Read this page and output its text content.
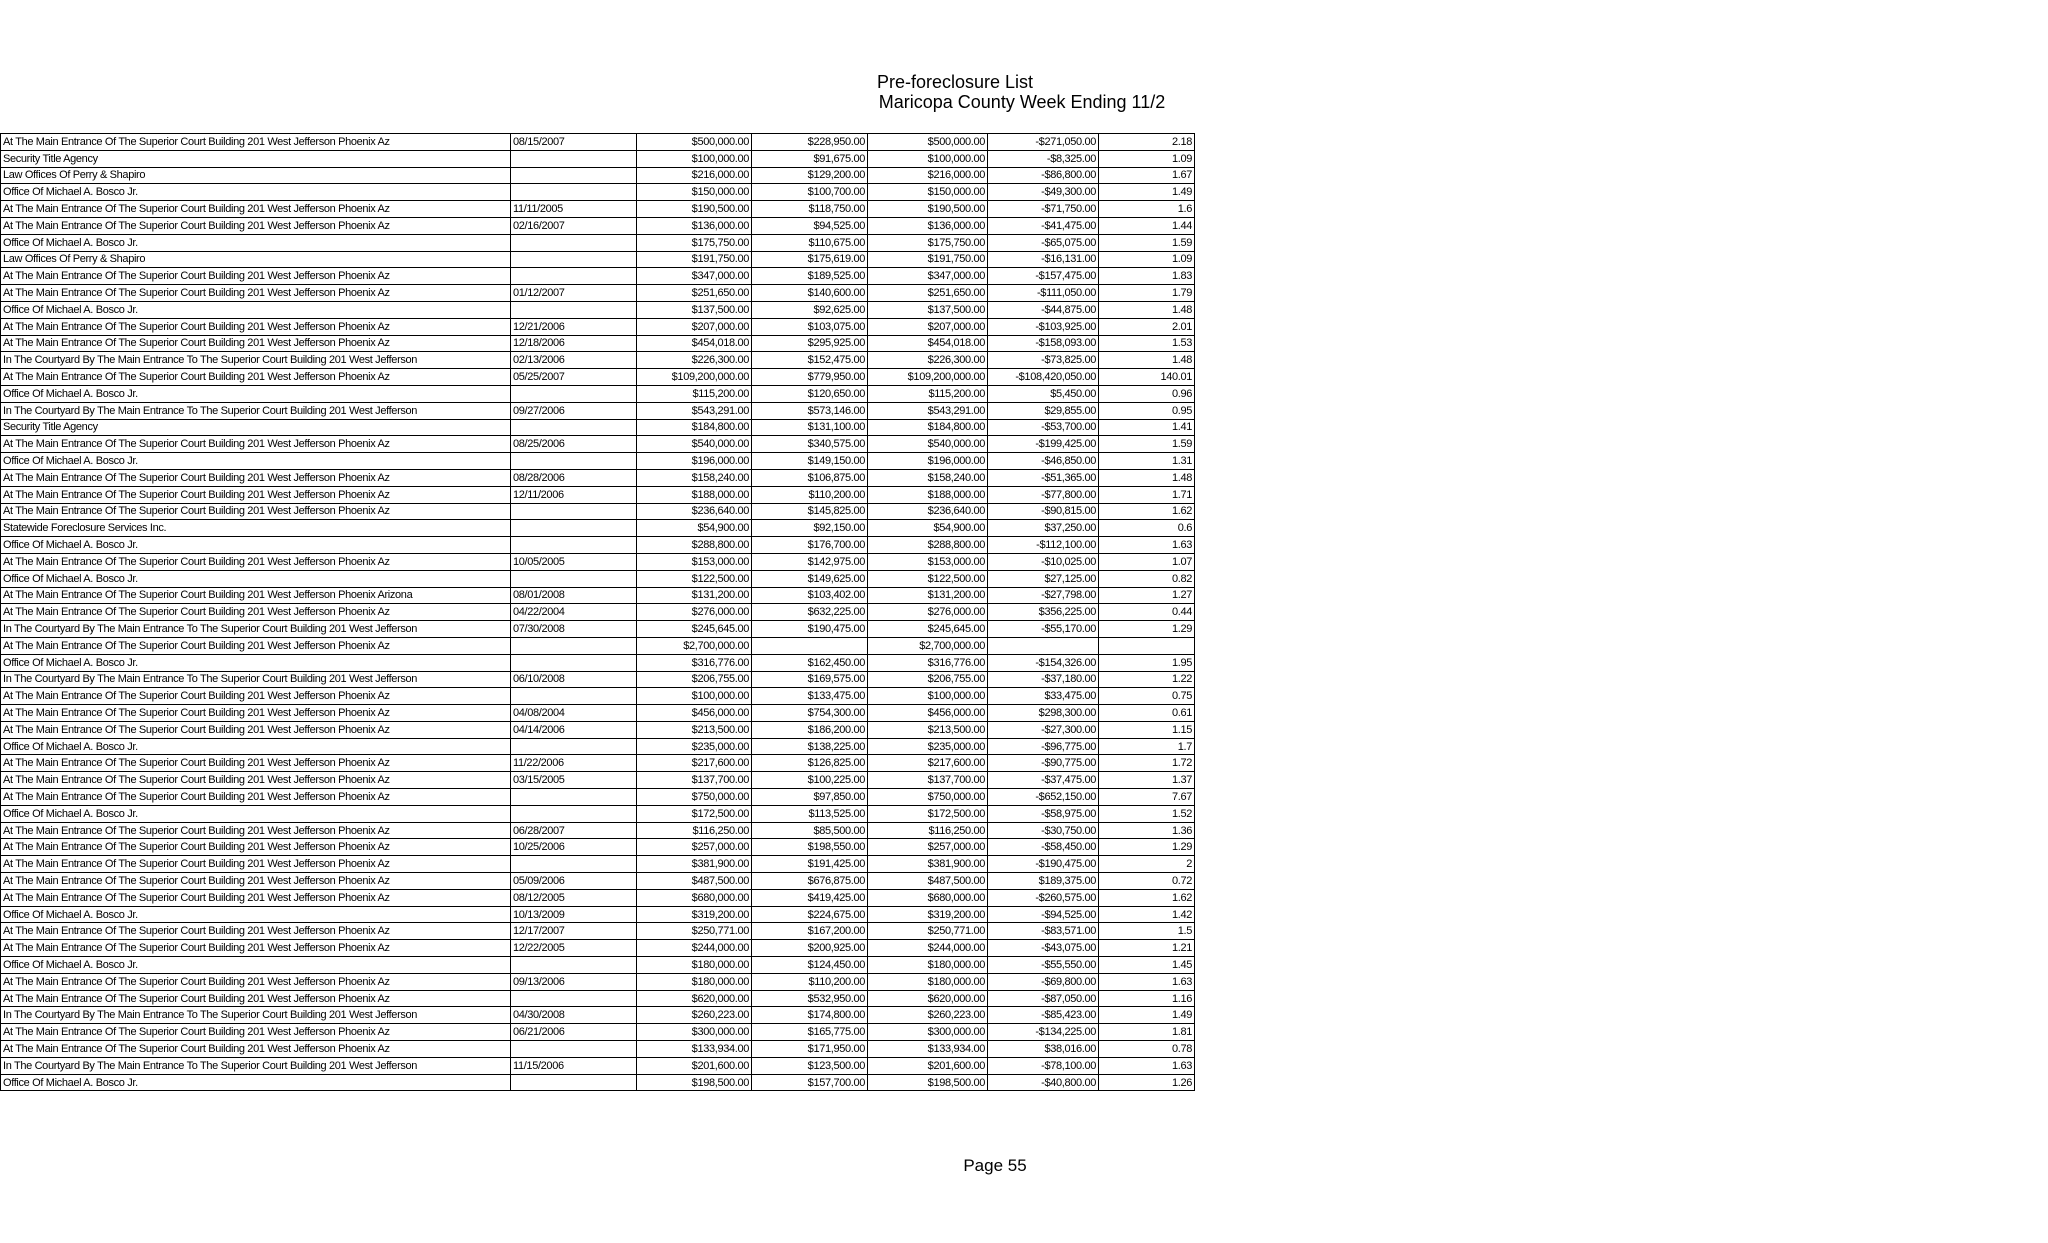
Pre-foreclosure List
Maricopa County Week Ending 11/2
At The Main Entrance Of The Superior Court Building 201 West Jefferson Phoenix Az	08/15/2007	$500,000.00	$228,950.00	$500,000.00	-$271,050.00	2.18
Security Title Agency		$100,000.00	$91,675.00	$100,000.00	-$8,325.00	1.09
Law Offices Of Perry & Shapiro		$216,000.00	$129,200.00	$216,000.00	-$86,800.00	1.67
Office Of Michael A. Bosco Jr.		$150,000.00	$100,700.00	$150,000.00	-$49,300.00	1.49
At The Main Entrance Of The Superior Court Building 201 West Jefferson Phoenix Az	11/11/2005	$190,500.00	$118,750.00	$190,500.00	-$71,750.00	1.6
At The Main Entrance Of The Superior Court Building 201 West Jefferson Phoenix Az	02/16/2007	$136,000.00	$94,525.00	$136,000.00	-$41,475.00	1.44
Office Of Michael A. Bosco Jr.		$175,750.00	$110,675.00	$175,750.00	-$65,075.00	1.59
Law Offices Of Perry & Shapiro		$191,750.00	$175,619.00	$191,750.00	-$16,131.00	1.09
At The Main Entrance Of The Superior Court Building 201 West Jefferson Phoenix Az		$347,000.00	$189,525.00	$347,000.00	-$157,475.00	1.83
At The Main Entrance Of The Superior Court Building 201 West Jefferson Phoenix Az	01/12/2007	$251,650.00	$140,600.00	$251,650.00	-$111,050.00	1.79
Office Of Michael A. Bosco Jr.		$137,500.00	$92,625.00	$137,500.00	-$44,875.00	1.48
At The Main Entrance Of The Superior Court Building 201 West Jefferson Phoenix Az	12/21/2006	$207,000.00	$103,075.00	$207,000.00	-$103,925.00	2.01
At The Main Entrance Of The Superior Court Building 201 West Jefferson Phoenix Az	12/18/2006	$454,018.00	$295,925.00	$454,018.00	-$158,093.00	1.53
In The Courtyard By The Main Entrance To The Superior Court Building 201 West Jefferson	02/13/2006	$226,300.00	$152,475.00	$226,300.00	-$73,825.00	1.48
At The Main Entrance Of The Superior Court Building 201 West Jefferson Phoenix Az	05/25/2007	$109,200,000.00	$779,950.00	$109,200,000.00	-$108,420,050.00	140.01
Office Of Michael A. Bosco Jr.		$115,200.00	$120,650.00	$115,200.00	$5,450.00	0.96
In The Courtyard By The Main Entrance To The Superior Court Building 201 West Jefferson	09/27/2006	$543,291.00	$573,146.00	$543,291.00	$29,855.00	0.95
Security Title Agency		$184,800.00	$131,100.00	$184,800.00	-$53,700.00	1.41
At The Main Entrance Of The Superior Court Building 201 West Jefferson Phoenix Az	08/25/2006	$540,000.00	$340,575.00	$540,000.00	-$199,425.00	1.59
Office Of Michael A. Bosco Jr.		$196,000.00	$149,150.00	$196,000.00	-$46,850.00	1.31
At The Main Entrance Of The Superior Court Building 201 West Jefferson Phoenix Az	08/28/2006	$158,240.00	$106,875.00	$158,240.00	-$51,365.00	1.48
At The Main Entrance Of The Superior Court Building 201 West Jefferson Phoenix Az	12/11/2006	$188,000.00	$110,200.00	$188,000.00	-$77,800.00	1.71
At The Main Entrance Of The Superior Court Building 201 West Jefferson Phoenix Az		$236,640.00	$145,825.00	$236,640.00	-$90,815.00	1.62
Statewide Foreclosure Services Inc.		$54,900.00	$92,150.00	$54,900.00	$37,250.00	0.6
Office Of Michael A. Bosco Jr.		$288,800.00	$176,700.00	$288,800.00	-$112,100.00	1.63
At The Main Entrance Of The Superior Court Building 201 West Jefferson Phoenix Az	10/05/2005	$153,000.00	$142,975.00	$153,000.00	-$10,025.00	1.07
Office Of Michael A. Bosco Jr.		$122,500.00	$149,625.00	$122,500.00	$27,125.00	0.82
At The Main Entrance Of The Superior Court Building 201 West Jefferson Phoenix Arizona	08/01/2008	$131,200.00	$103,402.00	$131,200.00	-$27,798.00	1.27
At The Main Entrance Of The Superior Court Building 201 West Jefferson Phoenix Az	04/22/2004	$276,000.00	$632,225.00	$276,000.00	$356,225.00	0.44
In The Courtyard By The Main Entrance To The Superior Court Building 201 West Jefferson	07/30/2008	$245,645.00	$190,475.00	$245,645.00	-$55,170.00	1.29
At The Main Entrance Of The Superior Court Building 201 West Jefferson Phoenix Az		$2,700,000.00		$2,700,000.00		
Office Of Michael A. Bosco Jr.		$316,776.00	$162,450.00	$316,776.00	-$154,326.00	1.95
In The Courtyard By The Main Entrance To The Superior Court Building 201 West Jefferson	06/10/2008	$206,755.00	$169,575.00	$206,755.00	-$37,180.00	1.22
At The Main Entrance Of The Superior Court Building 201 West Jefferson Phoenix Az		$100,000.00	$133,475.00	$100,000.00	$33,475.00	0.75
At The Main Entrance Of The Superior Court Building 201 West Jefferson Phoenix Az	04/08/2004	$456,000.00	$754,300.00	$456,000.00	$298,300.00	0.61
At The Main Entrance Of The Superior Court Building 201 West Jefferson Phoenix Az	04/14/2006	$213,500.00	$186,200.00	$213,500.00	-$27,300.00	1.15
Office Of Michael A. Bosco Jr.		$235,000.00	$138,225.00	$235,000.00	-$96,775.00	1.7
At The Main Entrance Of The Superior Court Building 201 West Jefferson Phoenix Az	11/22/2006	$217,600.00	$126,825.00	$217,600.00	-$90,775.00	1.72
At The Main Entrance Of The Superior Court Building 201 West Jefferson Phoenix Az	03/15/2005	$137,700.00	$100,225.00	$137,700.00	-$37,475.00	1.37
At The Main Entrance Of The Superior Court Building 201 West Jefferson Phoenix Az		$750,000.00	$97,850.00	$750,000.00	-$652,150.00	7.67
Office Of Michael A. Bosco Jr.		$172,500.00	$113,525.00	$172,500.00	-$58,975.00	1.52
At The Main Entrance Of The Superior Court Building 201 West Jefferson Phoenix Az	06/28/2007	$116,250.00	$85,500.00	$116,250.00	-$30,750.00	1.36
At The Main Entrance Of The Superior Court Building 201 West Jefferson Phoenix Az	10/25/2006	$257,000.00	$198,550.00	$257,000.00	-$58,450.00	1.29
At The Main Entrance Of The Superior Court Building 201 West Jefferson Phoenix Az		$381,900.00	$191,425.00	$381,900.00	-$190,475.00	2
At The Main Entrance Of The Superior Court Building 201 West Jefferson Phoenix Az	05/09/2006	$487,500.00	$676,875.00	$487,500.00	$189,375.00	0.72
At The Main Entrance Of The Superior Court Building 201 West Jefferson Phoenix Az	08/12/2005	$680,000.00	$419,425.00	$680,000.00	-$260,575.00	1.62
Office Of Michael A. Bosco Jr.	10/13/2009	$319,200.00	$224,675.00	$319,200.00	-$94,525.00	1.42
At The Main Entrance Of The Superior Court Building 201 West Jefferson Phoenix Az	12/17/2007	$250,771.00	$167,200.00	$250,771.00	-$83,571.00	1.5
At The Main Entrance Of The Superior Court Building 201 West Jefferson Phoenix Az	12/22/2005	$244,000.00	$200,925.00	$244,000.00	-$43,075.00	1.21
Office Of Michael A. Bosco Jr.		$180,000.00	$124,450.00	$180,000.00	-$55,550.00	1.45
At The Main Entrance Of The Superior Court Building 201 West Jefferson Phoenix Az	09/13/2006	$180,000.00	$110,200.00	$180,000.00	-$69,800.00	1.63
At The Main Entrance Of The Superior Court Building 201 West Jefferson Phoenix Az		$620,000.00	$532,950.00	$620,000.00	-$87,050.00	1.16
In The Courtyard By The Main Entrance To The Superior Court Building 201 West Jefferson	04/30/2008	$260,223.00	$174,800.00	$260,223.00	-$85,423.00	1.49
At The Main Entrance Of The Superior Court Building 201 West Jefferson Phoenix Az	06/21/2006	$300,000.00	$165,775.00	$300,000.00	-$134,225.00	1.81
At The Main Entrance Of The Superior Court Building 201 West Jefferson Phoenix Az		$133,934.00	$171,950.00	$133,934.00	$38,016.00	0.78
In The Courtyard By The Main Entrance To The Superior Court Building 201 West Jefferson	11/15/2006	$201,600.00	$123,500.00	$201,600.00	-$78,100.00	1.63
Office Of Michael A. Bosco Jr.		$198,500.00	$157,700.00	$198,500.00	-$40,800.00	1.26
Page 55
